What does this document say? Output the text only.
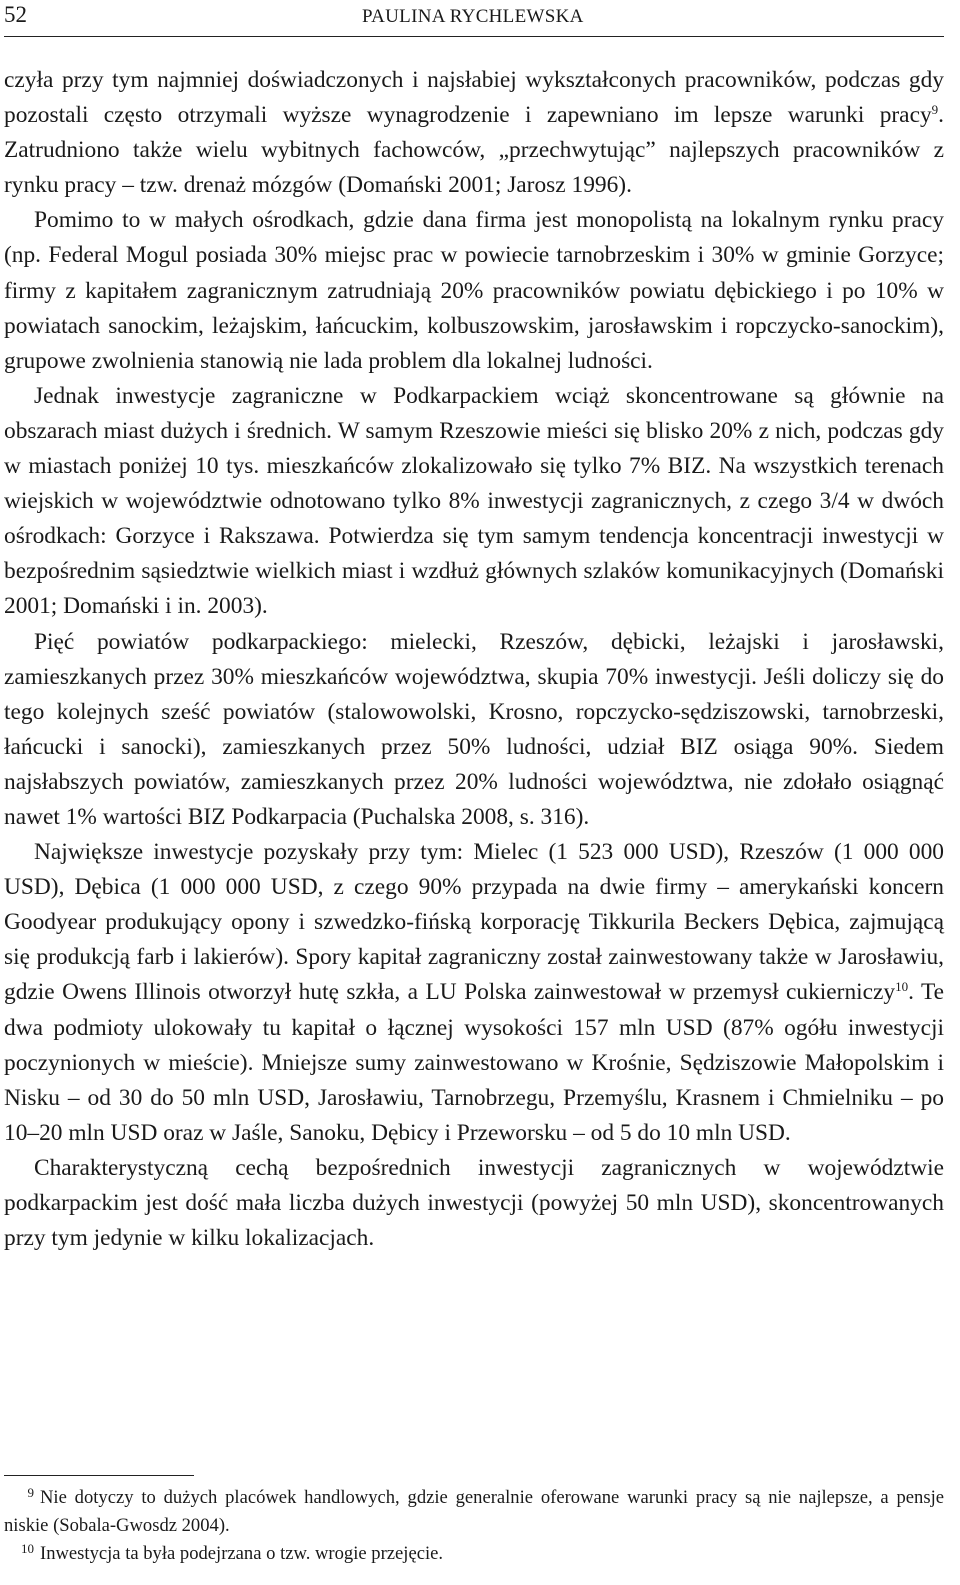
52	PAULINA RYCHLEWSKA

czyła przy tym najmniej doświadczonych i najsłabiej wykształconych pracowników, podczas gdy pozostali często otrzymali wyższe wynagrodzenie i zapewniano im lepsze warunki pracy$^9$. Zatrudniono także wielu wybitnych fachowców, „przechwytując” najlepszych pracowników z rynku pracy – tzw. drenaż mózgów (Domański 2001; Jarosz 1996).

Pomimo to w małych ośrodkach, gdzie dana firma jest monopolistą na lokalnym rynku pracy (np. Federal Mogul posiada 30% miejsc prac w powiecie tarnobrzeskim i 30% w gminie Gorzyce; firmy z kapitałem zagranicznym zatrudniają 20% pracowników powiatu dębickiego i po 10% w powiatach sanockim, leżajskim, łańcuckim, kolbuszowskim, jarosławskim i ropczycko-sanockim), grupowe zwolnienia stanowią nie lada problem dla lokalnej ludności.

Jednak inwestycje zagraniczne w Podkarpackiem wciąż skoncentrowane są głównie na obszarach miast dużych i średnich. W samym Rzeszowie mieści się blisko 20% z nich, podczas gdy w miastach poniżej 10 tys. mieszkańców zlokalizowało się tylko 7% BIZ. Na wszystkich terenach wiejskich w województwie odnotowano tylko 8% inwestycji zagranicznych, z czego 3/4 w dwóch ośrodkach: Gorzyce i Rakszawa. Potwierdza się tym samym tendencja koncentracji inwestycji w bezpośrednim sąsiedztwie wielkich miast i wzdłuż głównych szlaków komunikacyjnych (Domański 2001; Domański i in. 2003).

Pięć powiatów podkarpackiego: mielecki, Rzeszów, dębicki, leżajski i jarosławski, zamieszkanych przez 30% mieszkańców województwa, skupia 70% inwestycji. Jeśli doliczy się do tego kolejnych sześć powiatów (stalowowolski, Krosno, ropczycko-sędziszowski, tarnobrzeski, łańcucki i sanocki), zamieszkanych przez 50% ludności, udział BIZ osiąga 90%. Siedem najsłabszych powiatów, zamieszkanych przez 20% ludności województwa, nie zdołało osiągnąć nawet 1% wartości BIZ Podkarpacia (Puchalska 2008, s. 316).

Największe inwestycje pozyskały przy tym: Mielec (1 523 000 USD), Rzeszów (1 000 000 USD), Dębica (1 000 000 USD, z czego 90% przypada na dwie firmy – amerykański koncern Goodyear produkujący opony i szwedzko-fińską korporację Tikkurila Beckers Dębica, zajmującą się produkcją farb i lakierów). Spory kapitał zagraniczny został zainwestowany także w Jarosławiu, gdzie Owens Illinois otworzył hutę szkła, a LU Polska zainwestował w przemysł cukierniczy$^{10}$. Te dwa podmioty ulokowały tu kapitał o łącznej wysokości 157 mln USD (87% ogółu inwestycji poczynionych w mieście). Mniejsze sumy zainwestowano w Krośnie, Sędziszowie Małopolskim i Nisku – od 30 do 50 mln USD, Jarosławiu, Tarnobrzegu, Przemyślu, Krasnem i Chmielniku – po 10–20 mln USD oraz w Jaśle, Sanoku, Dębicy i Przeworsku – od 5 do 10 mln USD.

Charakterystyczną cechą bezpośrednich inwestycji zagranicznych w województwie podkarpackim jest dość mała liczba dużych inwestycji (powyżej 50 mln USD), skoncentrowanych przy tym jedynie w kilku lokalizacjach.

9 Nie dotyczy to dużych placówek handlowych, gdzie generalnie oferowane warunki pracy są nie najlepsze, a pensje niskie (Sobala-Gwosdz 2004).

10 Inwestycja ta była podejrzana o tzw. wrogie przejęcie.
